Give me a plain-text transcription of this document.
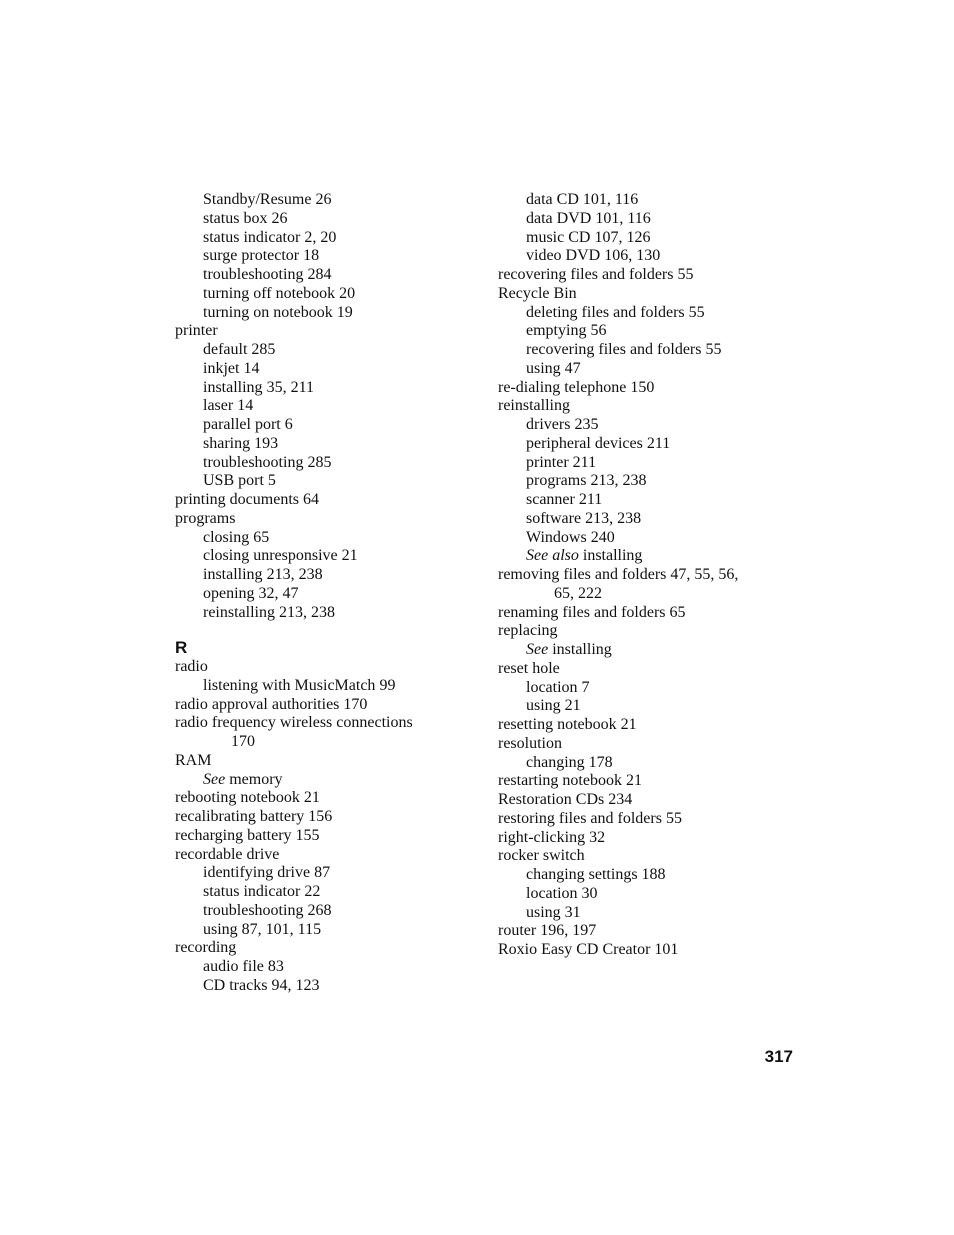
Standby/Resume 26
status box 26
status indicator 2, 20
surge protector 18
troubleshooting 284
turning off notebook 20
turning on notebook 19
printer
default 285
inkjet 14
installing 35, 211
laser 14
parallel port 6
sharing 193
troubleshooting 285
USB port 5
printing documents 64
programs
closing 65
closing unresponsive 21
installing 213, 238
opening 32, 47
reinstalling 213, 238
R
radio
listening with MusicMatch 99
radio approval authorities 170
radio frequency wireless connections
170
RAM
See memory
rebooting notebook 21
recalibrating battery 156
recharging battery 155
recordable drive
identifying drive 87
status indicator 22
troubleshooting 268
using 87, 101, 115
recording
audio file 83
CD tracks 94, 123
data CD 101, 116
data DVD 101, 116
music CD 107, 126
video DVD 106, 130
recovering files and folders 55
Recycle Bin
deleting files and folders 55
emptying 56
recovering files and folders 55
using 47
re-dialing telephone 150
reinstalling
drivers 235
peripheral devices 211
printer 211
programs 213, 238
scanner 211
software 213, 238
Windows 240
See also installing
removing files and folders 47, 55, 56,
65, 222
renaming files and folders 65
replacing
See installing
reset hole
location 7
using 21
resetting notebook 21
resolution
changing 178
restarting notebook 21
Restoration CDs 234
restoring files and folders 55
right-clicking 32
rocker switch
changing settings 188
location 30
using 31
router 196, 197
Roxio Easy CD Creator 101
317
